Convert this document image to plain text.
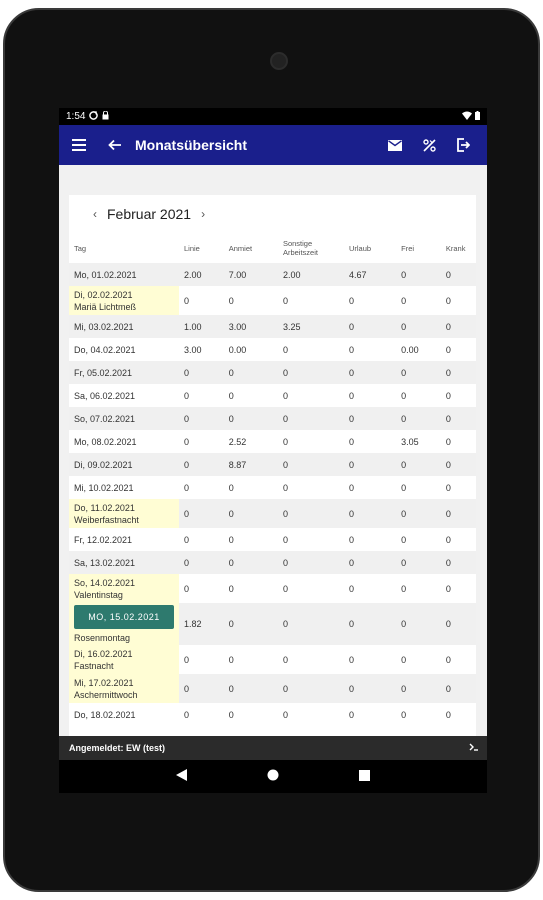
1:54
Monatsübersicht
‹ Februar 2021 ›
Tag	Linie	Anmiet	Sonstige Arbeitszeit	Urlaub	Frei	Krank

Mo, 01.02.2021	2.00	7.00	2.00	4.67	0	0

Di, 02.02.2021
Mariä Lichtmeß	0	0	0	0	0	0

Mi, 03.02.2021	1.00	3.00	3.25	0	0	0

Do, 04.02.2021	3.00	0.00	0	0	0.00	0

Fr, 05.02.2021	0	0	0	0	0	0

Sa, 06.02.2021	0	0	0	0	0	0

So, 07.02.2021	0	0	0	0	0	0

Mo, 08.02.2021	0	2.52	0	0	3.05	0

Di, 09.02.2021	0	8.87	0	0	0	0

Mi, 10.02.2021	0	0	0	0	0	0

Do, 11.02.2021
Weiberfastnacht	0	0	0	0	0	0

Fr, 12.02.2021	0	0	0	0	0	0

Sa, 13.02.2021	0	0	0	0	0	0

So, 14.02.2021
Valentinstag	0	0	0	0	0	0

MO, 15.02.2021
Rosenmontag	1.82	0	0	0	0	0

Di, 16.02.2021
Fastnacht	0	0	0	0	0	0

Mi, 17.02.2021
Aschermittwoch	0	0	0	0	0	0

Do, 18.02.2021	0	0	0	0	0	0
Angemeldet: EW (test)
